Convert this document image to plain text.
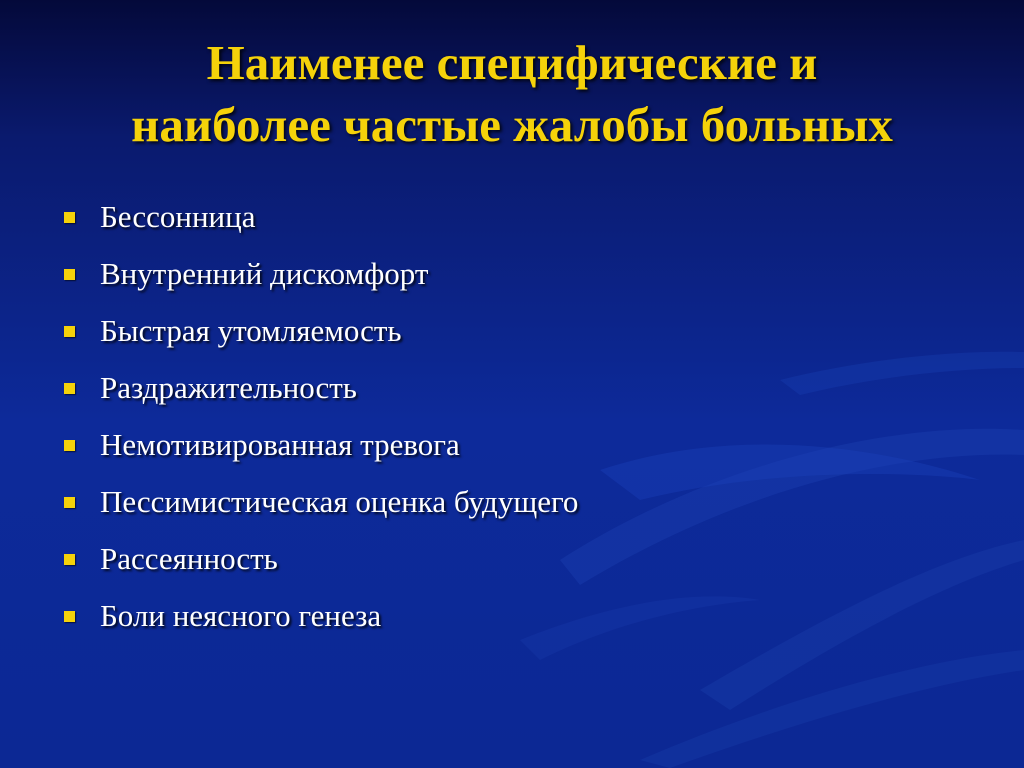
Наименее специфические и
наиболее частые жалобы больных
Бессонница
Внутренний дискомфорт
Быстрая утомляемость
Раздражительность
Немотивированная тревога
Пессимистическая оценка будущего
Рассеянность
Боли неясного генеза
